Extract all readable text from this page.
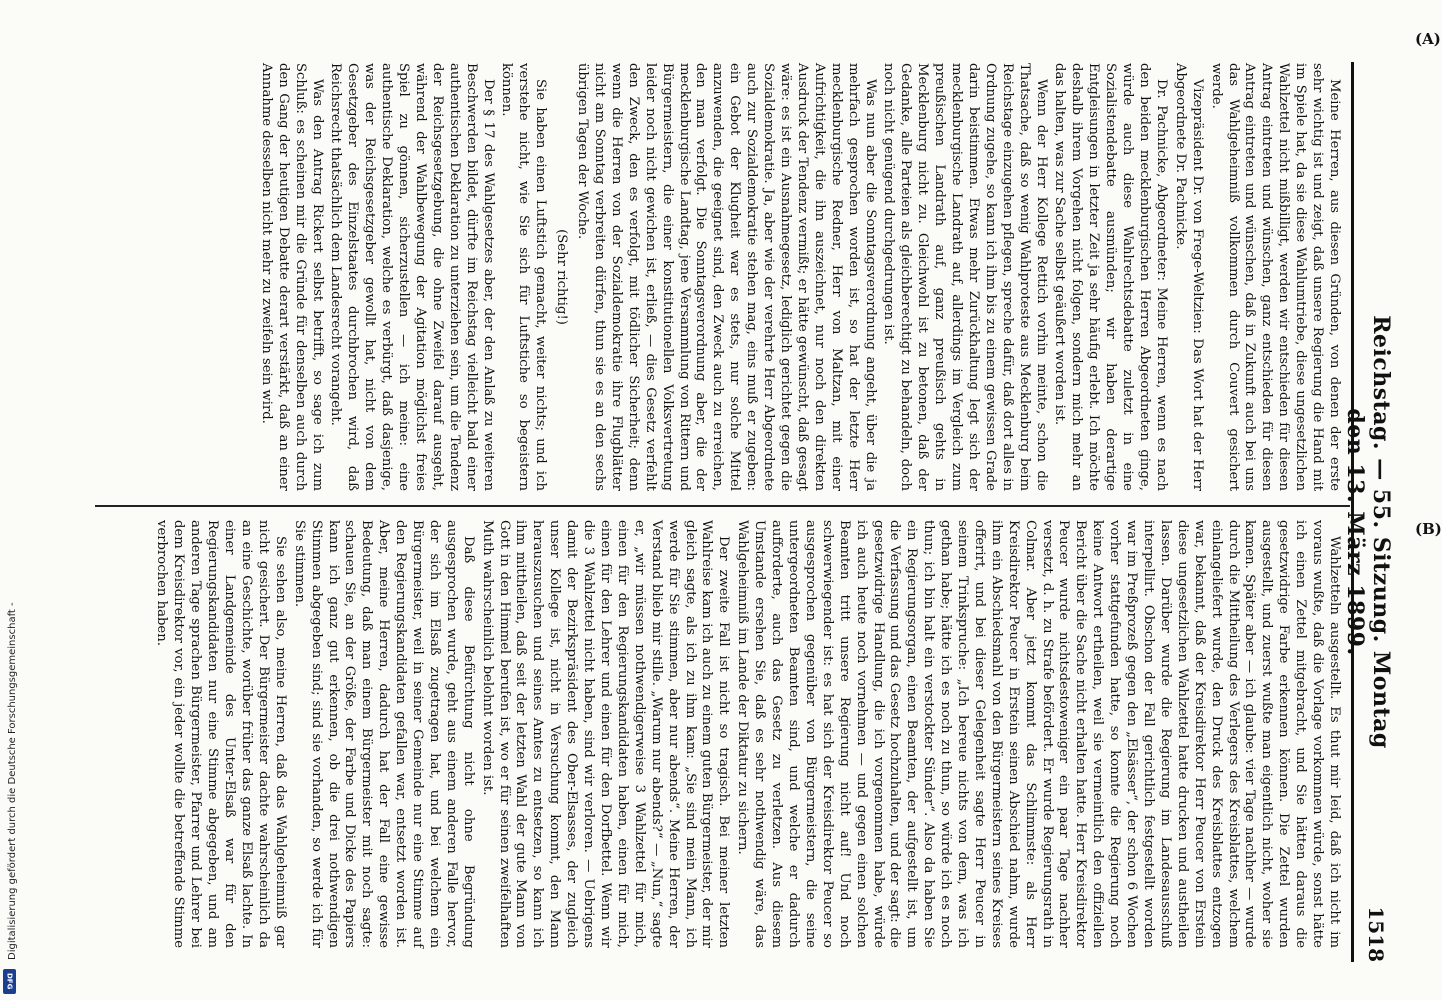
1518
Reichstag. — 55. Sitzung. Montag den 13. März 1899.

Wahlzetteln ausgestellt. Es thut mir leid, daß ich nicht im voraus wußte, daß die Vorlage vorkommen würde, sonst hätte ich einen Zettel mitgebracht, und Sie hätten daraus die gesetzwidrige Farbe erkennen können. Die Zettel wurden ausgestellt, und zuerst wußte man eigentlich nicht, woher sie kamen. Später aber — ich glaube: vier Tage nachher — wurde durch die Mittheilung des Verlegers des Kreisblattes, welchem einlangeliefert wurde, den Druck des Kreisblattes entzogen war, bekannt, daß der Kreisdirektor Herr Peucer von Erstein diese ungesetzlichen Wahlzettel hatte drucken und austheilen lassen. Darüber wurde die Regierung im Landesausschuß interpellirt. Obschon der Fall gerichtlich festgestellt worden war im Preßprozeß gegen den „Elsässer“, der schon 6 Wochen vorher stattgefunden hatte, so konnte die Regierung noch keine Antwort ertheilen, weil sie vermeintlich den offiziellen Bericht über die Sache nicht erhalten hatte. Herr Kreisdirektor Peucer wurde nichtsdestoweniger ein paar Tage nachher versetzt, d. h. zu Strafe befördert. Er wurde Regierungsrath in Colmar. Aber jetzt kommt das Schlimmste: als Herr Kreisdirektor Peucer in Erstein seinen Abschied nahm, wurde ihm ein Abschiedsmahl von den Bürgermeistern seines Kreises offerirt, und bei dieser Gelegenheit sagte Herr Peucer in seinem Trinkspruche: „Ich bereue nichts von dem, was ich gethan habe; hätte ich es noch zu thun, so würde ich es noch thun; ich bin halt ein verstockter Sünder“. Also da haben Sie ein Regierungsorgan, einen Beamten, der aufgestellt ist, um die Verfassung und das Gesetz hochzuhalten, und der sagt: die gesetzwidrige Handlung, die ich vorgenommen habe, würde ich auch heute noch vornehmen — und gegen einen solchen Beamten tritt unsere Regierung nicht auf! Und noch schwerwiegender ist: es hat sich der Kreisdirektor Peucer so ausgesprochen gegenüber von Bürgermeistern, die seine untergeordneten Beamten sind, und welche er dadurch aufforderte, auch das Gesetz zu verletzen. Aus diesem Umstande ersehen Sie, daß es sehr nothwendig wäre, das Wahlgeheimniß im Lande der Diktatur zu sichern.

Der zweite Fall ist nicht so tragisch. Bei meiner letzten Wahlreise kam ich auch zu einem guten Bürgermeister, der mir gleich sagte, als ich zu ihm kam: „Sie sind mein Mann, ich werde für Sie stimmen, aber nur abends“. Meine Herren, der Verstand blieb mir stille. „Warum nur abends?“ — „Nun,“ sagte er, „wir müssen nothwendigerweise 3 Wahlzettel für mich, einen für den Regierungskandidaten haben, einen für mich, einen für den Lehrer und einen für den Dorfbettel. Wenn wir die 3 Wahlzettel nicht haben, sind wir verloren. — Uebrigens damit der Bezirkspräsident des Ober-Elsasses, der zugleich unser Kollege ist, nicht in Versuchung kommt, den Mann herauszusuchen und seines Amtes zu entsetzen, so kann ich ihm mittheilen, daß seit der letzten Wahl der gute Mann von Gott in den Himmel berufen ist, wo er für seinen zweifelhaften Muth wahrscheinlich belohnt worden ist.

Daß diese Befürchtung nicht ohne Begründung ausgesprochen wurde, geht aus einem anderen Falle hervor, der sich im Elsaß zugetragen hat, und bei welchem ein Bürgermeister, weil in seiner Gemeinde nur eine Stimme auf den Regierungskandidaten gefallen war, entsetzt worden ist. Aber, meine Herren, dadurch hat der Fall eine gewisse Bedeutung, daß man einem Bürgermeister mit noch sagte: schauen Sie, an der Größe, der Farbe und Dicke des Papiers kann ich ganz gut erkennen, ob die drei nothwendigen Stimmen abgegeben sind; sind sie vorhanden, so werde ich für Sie stimmen.

Sie sehen also, meine Herren, daß das Wahlgeheimniß gar nicht gesichert. Der Bürgermeister dachte wahrscheinlich da an eine Geschichte, worüber früher das ganze Elsaß lachte. In einer Landgemeinde des Unter-Elsaß war für den Regierungskandidaten nur eine Stimme abgegeben, und am anderen Tage sprachen Bürgermeister, Pfarrer und Lehrer bei dem Kreisdirektor vor, ein jeder wollte die betreffende Stimme verbrochen haben.

Meine Herren, aus diesen Gründen, von denen der erste sehr wichtig ist und zeigt, daß unsere Regierung die Hand mit im Spiele hat, da sie diese Wahlumtriebe, diese ungesetzlichen Wahlzettel nicht mißbilligt, werden wir entschieden für diesen Antrag eintreten und wünschen, ganz entschieden für diesen Antrag eintreten und wünschen, daß in Zukunft auch bei uns das Wahlgeheimniß vollkommen durch Couvert gesichert werde.

Vizepräsident Dr. von Frege-Weltzien: Das Wort hat der Herr Abgeordnete Dr. Pachnicke.

Dr. Pachnicke, Abgeordneter: Meine Herren, wenn es nach den beiden mecklenburgischen Herren Abgeordneten ginge, würde auch diese Wahlrechtsdebatte zuletzt in eine Sozialistendebatte ausmünden; wir haben derartige Entgleisungen in letzter Zeit ja sehr häufig erlebt. Ich möchte deshalb ihrem Vorgehen nicht folgen, sondern mich mehr an das halten, was zur Sache selbst geäußert worden ist.

Wenn der Herr Kollege Rettich vorhin meinte, schon die Thatsache, daß so wenig Wahlproteste aus Mecklenburg beim Reichstage einzugehen pflegen, spreche dafür, daß dort alles in Ordnung zugehe, so kann ich ihm bis zu einem gewissen Grade darin beistimmen. Etwas mehr Zurückhaltung legt sich der mecklenburgische Landrath auf, allerdings im Vergleich zum preußischen Landrath auf, ganz preußisch gehts in Mecklenburg nicht zu. Gleichwohl ist zu betonen, daß der Gedanke, alle Parteien als gleichberechtigt zu behandeln, doch noch nicht genügend durchgedrungen ist.

Was nun aber die Sonntagsverordnung angeht, über die ja mehrfach gesprochen worden ist, so hat der letzte Herr mecklenburgische Redner, Herr von Maltzan, mit einer Aufrichtigkeit, die ihn auszeichnet, nur noch den direkten Ausdruck der Tendenz vermißt; er hätte gewünscht, daß gesagt wäre: es ist ein Ausnahmegesetz, lediglich gerichtet gegen die Sozialdemokratie. Ja, aber wie der verehrte Herr Abgeordnete auch zur Sozialdemokratie stehen mag, eins muß er zugeben: ein Gebot der Klugheit war es stets, nur solche Mittel anzuwenden, die geeignet sind, den Zweck auch zu erreichen, den man verfolgt. Die Sonntagsverordnung aber, die der mecklenburgische Landtag, jene Versammlung von Rittern und Bürgermeistern, die einer konstitutionellen Volksvertretung leider noch nicht gewichen ist, erließ, — dies Gesetz verfehlt den Zweck, den es verfolgt, mit tödlicher Sicherheit; denn wenn die Herren von der Sozialdemokratie ihre Flugblätter nicht am Sonntag verbreiten dürfen, thun sie es an den sechs übrigen Tagen der Woche.

(Sehr richtig!)

Sie haben einen Luftstich gemacht, weiter nichts; und ich verstehe nicht, wie Sie sich für Luftstiche so begeistern können.

Der § 17 des Wahlgesetzes aber, der den Anlaß zu weiteren Beschwerden bildet, dürfte im Reichstag vielleicht bald einer authentischen Deklaration zu unterziehen sein, um die Tendenz der Reichsgesetzgebung, die ohne Zweifel darauf ausgeht, während der Wahlbewegung der Agitation möglichst freies Spiel zu gönnen, sicherzustellen — ich meine: eine authentische Deklaration, welche es verbürgt, daß dasjenige, was der Reichsgesetzgeber gewollt hat, nicht von dem Gesetzgeber des Einzelstaates durchbrochen wird, daß Reichsrecht thatsächlich dem Landesrecht vorangeht.

Was den Antrag Rickert selbst betrifft, so sage ich zum Schluß: es scheinen mir die Gründe für denselben auch durch den Gang der heutigen Debatte derart verstärkt, daß an einer Annahme desselben nicht mehr zu zweifeln sein wird.

(A)
(B)
Digitalisierung gefördert durch die Deutsche Forschungsgemeinschaft -
DFG
